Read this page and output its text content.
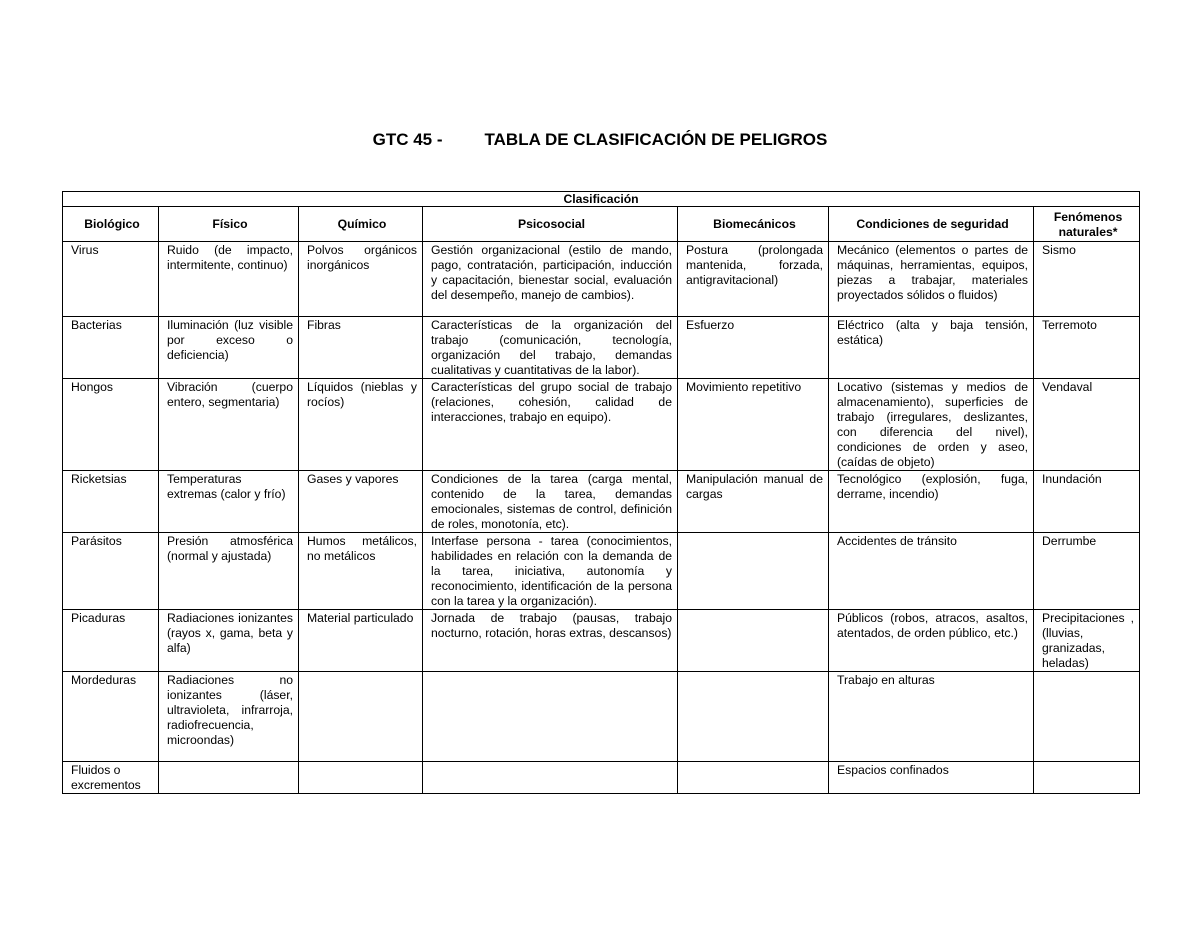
GTC 45 - TABLA DE CLASIFICACIÓN DE PELIGROS
Clasificación						
Biológico	Físico	Químico	Psicosocial	Biomecánicos	Condiciones de seguridad	Fenómenos naturales*
Virus	Ruido (de impacto, intermitente, continuo)	Polvos orgánicos inorgánicos	Gestión organizacional (estilo de mando, pago, contratación, participación, inducción y capacitación, bienestar social, evaluación del desempeño, manejo de cambios).	Postura (prolongada mantenida, forzada, antigravitacional)	Mecánico (elementos o partes de máquinas, herramientas, equipos, piezas a trabajar, materiales proyectados sólidos o fluidos)	Sismo
Bacterias	Iluminación (luz visible por exceso o deficiencia)	Fibras	Características de la organización del trabajo (comunicación, tecnología, organización del trabajo, demandas cualitativas y cuantitativas de la labor).	Esfuerzo	Eléctrico (alta y baja tensión, estática)	Terremoto
Hongos	Vibración (cuerpo entero, segmentaria)	Líquidos (nieblas y rocíos)	Características del grupo social de trabajo (relaciones, cohesión, calidad de interacciones, trabajo en equipo).	Movimiento repetitivo	Locativo (sistemas y medios de almacenamiento), superficies de trabajo (irregulares, deslizantes, con diferencia del nivel), condiciones de orden y aseo, (caídas de objeto)	Vendaval
Ricketsias	Temperaturas extremas (calor y frío)	Gases y vapores	Condiciones de la tarea (carga mental, contenido de la tarea, demandas emocionales, sistemas de control, definición de roles, monotonía, etc).	Manipulación manual de cargas	Tecnológico (explosión, fuga, derrame, incendio)	Inundación
Parásitos	Presión atmosférica (normal y ajustada)	Humos metálicos, no metálicos	Interfase persona - tarea (conocimientos, habilidades en relación con la demanda de la tarea, iniciativa, autonomía y reconocimiento, identificación de la persona con la tarea y la organización).		Accidentes de tránsito	Derrumbe
Picaduras	Radiaciones ionizantes (rayos x, gama, beta y alfa)	Material particulado	Jornada de trabajo (pausas, trabajo nocturno, rotación, horas extras, descansos)		Públicos (robos, atracos, asaltos, atentados, de orden público, etc.)	Precipitaciones , (lluvias, granizadas, heladas)
Mordeduras	Radiaciones no ionizantes (láser, ultravioleta, infrarroja, radiofrecuencia, microondas)				Trabajo en alturas	
Fluidos o excrementos					Espacios confinados	
